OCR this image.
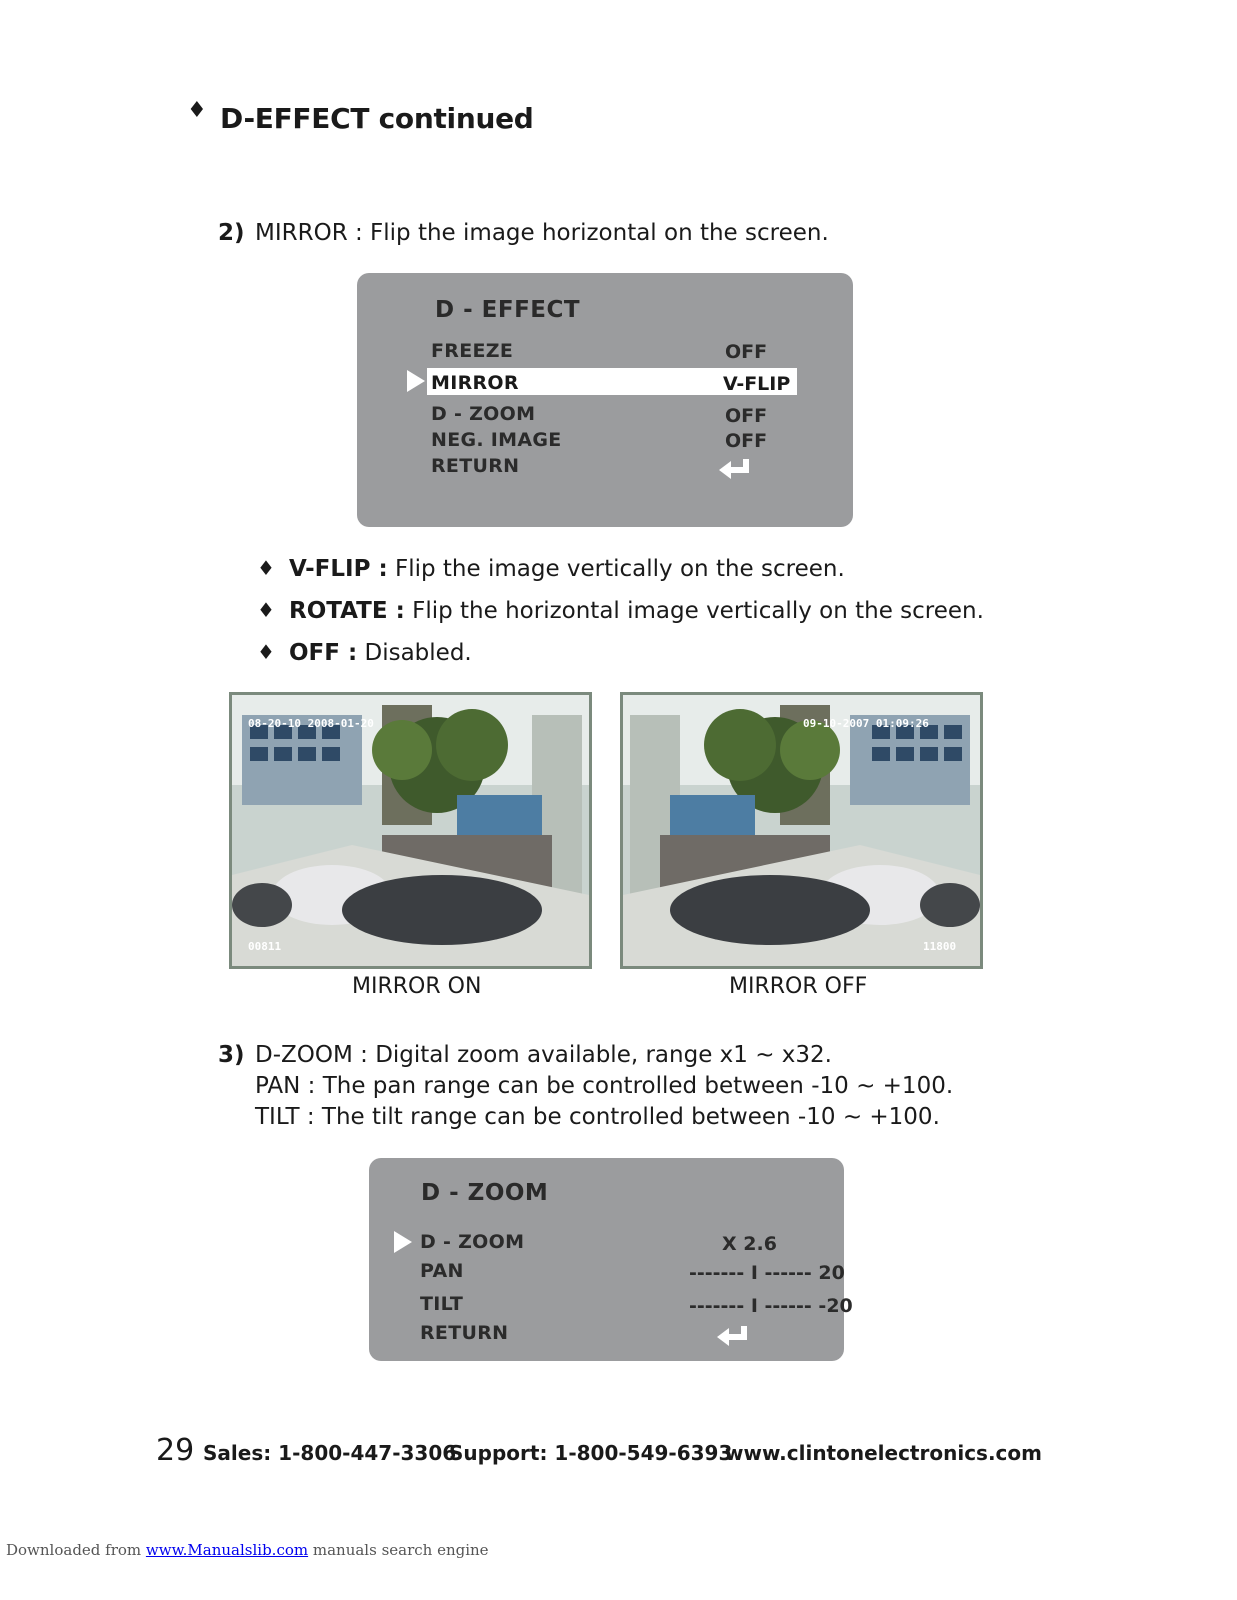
♦ D-EFFECT continued
2) MIRROR : Flip the image horizontal on the screen.
D - EFFECT
FREEZE	OFF
MIRROR	V-FLIP
D - ZOOM	OFF
NEG. IMAGE	OFF
RETURN
♦ V-FLIP : Flip the image vertically on the screen.
♦ ROTATE : Flip the horizontal image vertically on the screen.
♦ OFF : Disabled.
08-20-10 2008-01-20
00811
09-10-2007 01:09:26
11800
MIRROR ON	MIRROR OFF
3) D-ZOOM : Digital zoom available, range x1 ~ x32.
PAN : The pan range can be controlled between -10 ~ +100.
TILT : The tilt range can be controlled between -10 ~ +100.
D - ZOOM
D - ZOOM	X 2.6
PAN	------- I ------ 20
TILT	------- I ------ -20
RETURN
29 Sales: 1-800-447-3306
Support: 1-800-549-6393
www.clintonelectronics.com
Downloaded from www.Manualslib.com manuals search engine
